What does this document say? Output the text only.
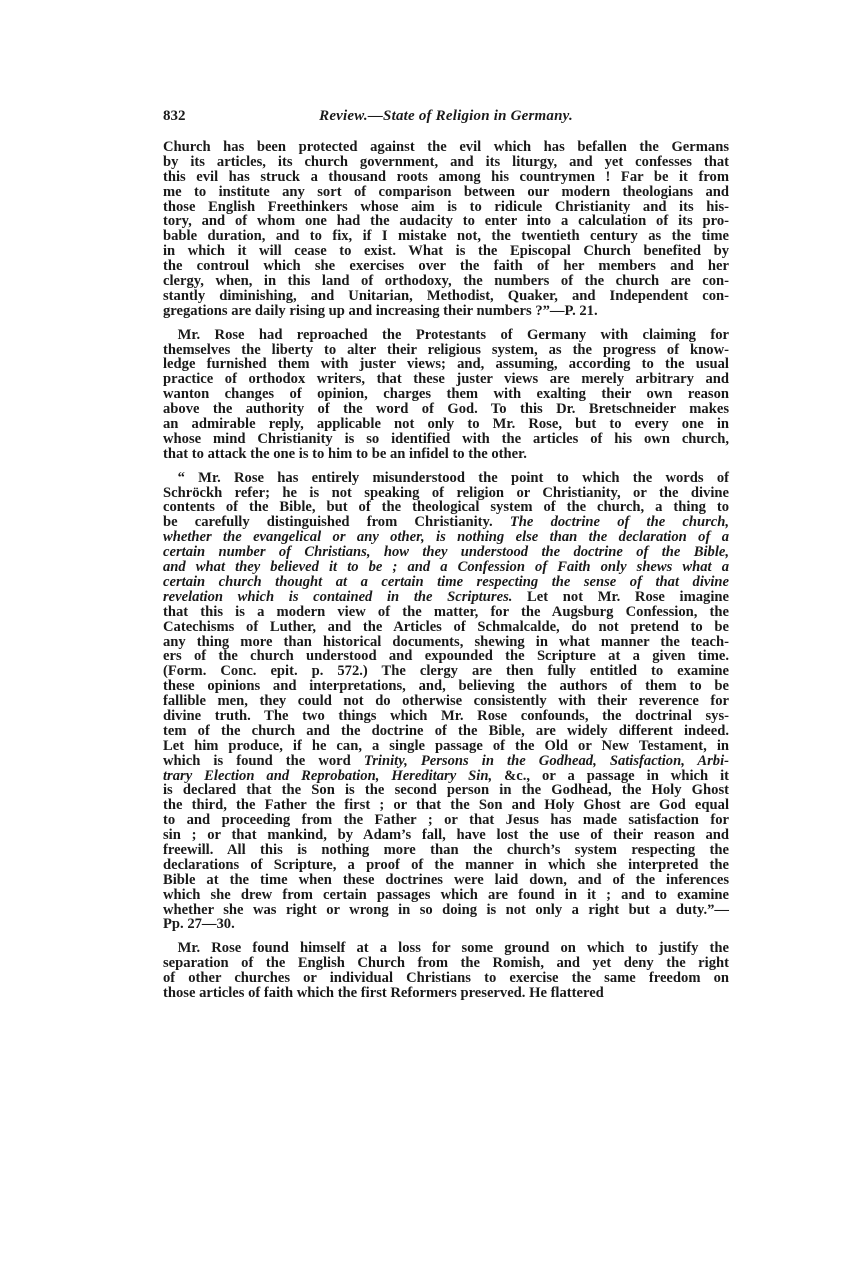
832	Review.—State of Religion in Germany.
Church has been protected against the evil which has befallen the Germans
by its articles, its church government, and its liturgy, and yet confesses that
this evil has struck a thousand roots among his countrymen ! Far be it from
me to institute any sort of comparison between our modern theologians and
those English Freethinkers whose aim is to ridicule Christianity and its his-
tory, and of whom one had the audacity to enter into a calculation of its pro-
bable duration, and to fix, if I mistake not, the twentieth century as the time
in which it will cease to exist. What is the Episcopal Church benefited by
the controul which she exercises over the faith of her members and her
clergy, when, in this land of orthodoxy, the numbers of the church are con-
stantly diminishing, and Unitarian, Methodist, Quaker, and Independent con-
gregations are daily rising up and increasing their numbers ?”—P. 21.
 Mr. Rose had reproached the Protestants of Germany with claiming for
themselves the liberty to alter their religious system, as the progress of know-
ledge furnished them with juster views; and, assuming, according to the usual
practice of orthodox writers, that these juster views are merely arbitrary and
wanton changes of opinion, charges them with exalting their own reason
above the authority of the word of God. To this Dr. Bretschneider makes
an admirable reply, applicable not only to Mr. Rose, but to every one in
whose mind Christianity is so identified with the articles of his own church,
that to attack the one is to him to be an infidel to the other.
 “ Mr. Rose has entirely misunderstood the point to which the words of
Schröckh refer; he is not speaking of religion or Christianity, or the divine
contents of the Bible, but of the theological system of the church, a thing to
be carefully distinguished from Christianity. The doctrine of the church,
whether the evangelical or any other, is nothing else than the declaration of a
certain number of Christians, how they understood the doctrine of the Bible,
and what they believed it to be ; and a Confession of Faith only shews what a
certain church thought at a certain time respecting the sense of that divine
revelation which is contained in the Scriptures. Let not Mr. Rose imagine
that this is a modern view of the matter, for the Augsburg Confession, the
Catechisms of Luther, and the Articles of Schmalcalde, do not pretend to be
any thing more than historical documents, shewing in what manner the teach-
ers of the church understood and expounded the Scripture at a given time.
(Form. Conc. epit. p. 572.) The clergy are then fully entitled to examine
these opinions and interpretations, and, believing the authors of them to be
fallible men, they could not do otherwise consistently with their reverence for
divine truth. The two things which Mr. Rose confounds, the doctrinal sys-
tem of the church and the doctrine of the Bible, are widely different indeed.
Let him produce, if he can, a single passage of the Old or New Testament, in
which is found the word Trinity, Persons in the Godhead, Satisfaction, Arbi-
trary Election and Reprobation, Hereditary Sin, &c., or a passage in which it
is declared that the Son is the second person in the Godhead, the Holy Ghost
the third, the Father the first ; or that the Son and Holy Ghost are God equal
to and proceeding from the Father ; or that Jesus has made satisfaction for
sin ; or that mankind, by Adam’s fall, have lost the use of their reason and
freewill. All this is nothing more than the church’s system respecting the
declarations of Scripture, a proof of the manner in which she interpreted the
Bible at the time when these doctrines were laid down, and of the inferences
which she drew from certain passages which are found in it ; and to examine
whether she was right or wrong in so doing is not only a right but a duty.”—
Pp. 27—30.
 Mr. Rose found himself at a loss for some ground on which to justify the
separation of the English Church from the Romish, and yet deny the right
of other churches or individual Christians to exercise the same freedom on
those articles of faith which the first Reformers preserved. He flattered
